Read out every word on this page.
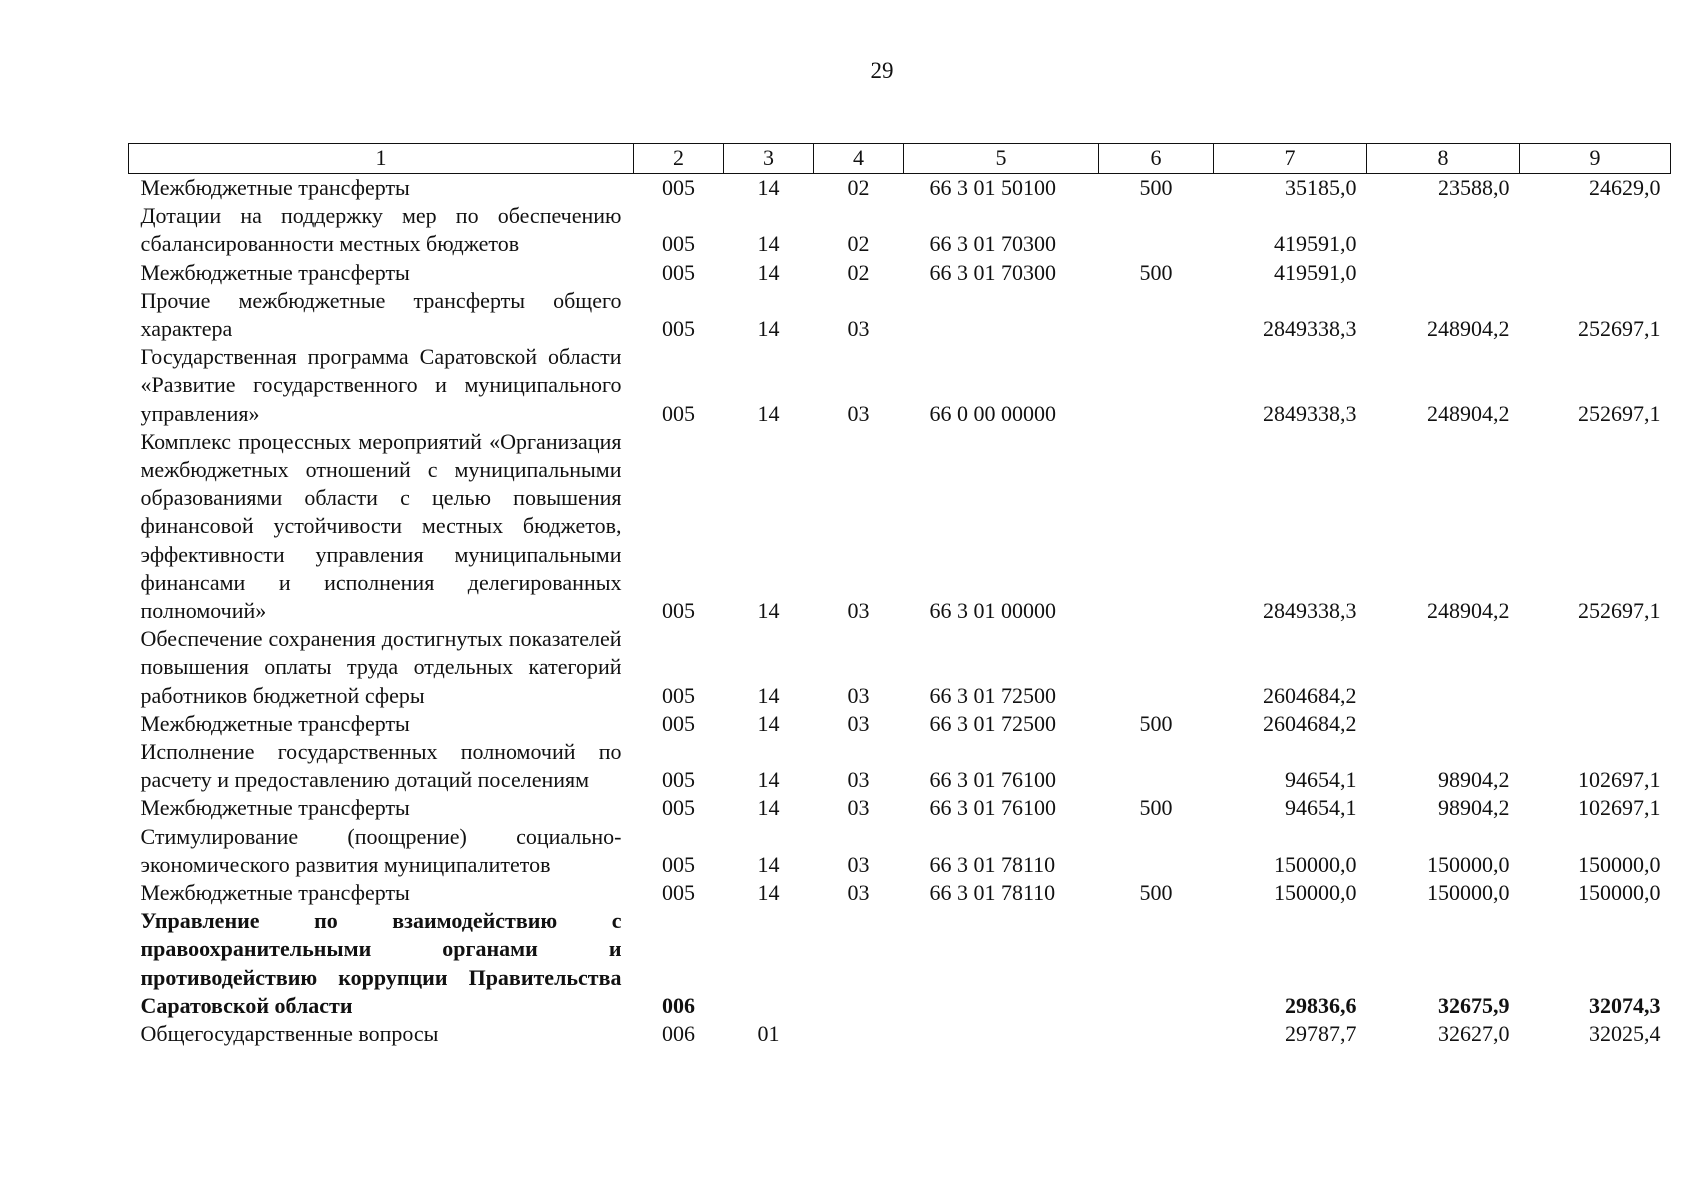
29
1	2	3	4	5	6	7	8	9
Межбюджетные трансферты	005	14	02	66 3 01 50100	500	35185,0	23588,0	24629,0
Дотации на поддержку мер по обеспечению сбалансированности местных бюджетов	005	14	02	66 3 01 70300		419591,0		
Межбюджетные трансферты	005	14	02	66 3 01 70300	500	419591,0		
Прочие межбюджетные трансферты общего характера	005	14	03			2849338,3	248904,2	252697,1
Государственная программа Саратовской области «Развитие государственного и муниципального управления»	005	14	03	66 0 00 00000		2849338,3	248904,2	252697,1
Комплекс процессных мероприятий «Организация межбюджетных отношений с муниципальными образованиями области с целью повышения финансовой устойчивости местных бюджетов, эффективности управления муниципальными финансами и исполнения делегированных полномочий»	005	14	03	66 3 01 00000		2849338,3	248904,2	252697,1
Обеспечение сохранения достигнутых показателей повышения оплаты труда отдельных категорий работников бюджетной сферы	005	14	03	66 3 01 72500		2604684,2		
Межбюджетные трансферты	005	14	03	66 3 01 72500	500	2604684,2		
Исполнение государственных полномочий по расчету и предоставлению дотаций поселениям	005	14	03	66 3 01 76100		94654,1	98904,2	102697,1
Межбюджетные трансферты	005	14	03	66 3 01 76100	500	94654,1	98904,2	102697,1
Стимулирование (поощрение) социально-экономического развития муниципалитетов	005	14	03	66 3 01 78110		150000,0	150000,0	150000,0
Межбюджетные трансферты	005	14	03	66 3 01 78110	500	150000,0	150000,0	150000,0
Управление по взаимодействию с правоохранительными органами и противодействию коррупции Правительства Саратовской области	006					29836,6	32675,9	32074,3
Общегосударственные вопросы	006	01				29787,7	32627,0	32025,4
